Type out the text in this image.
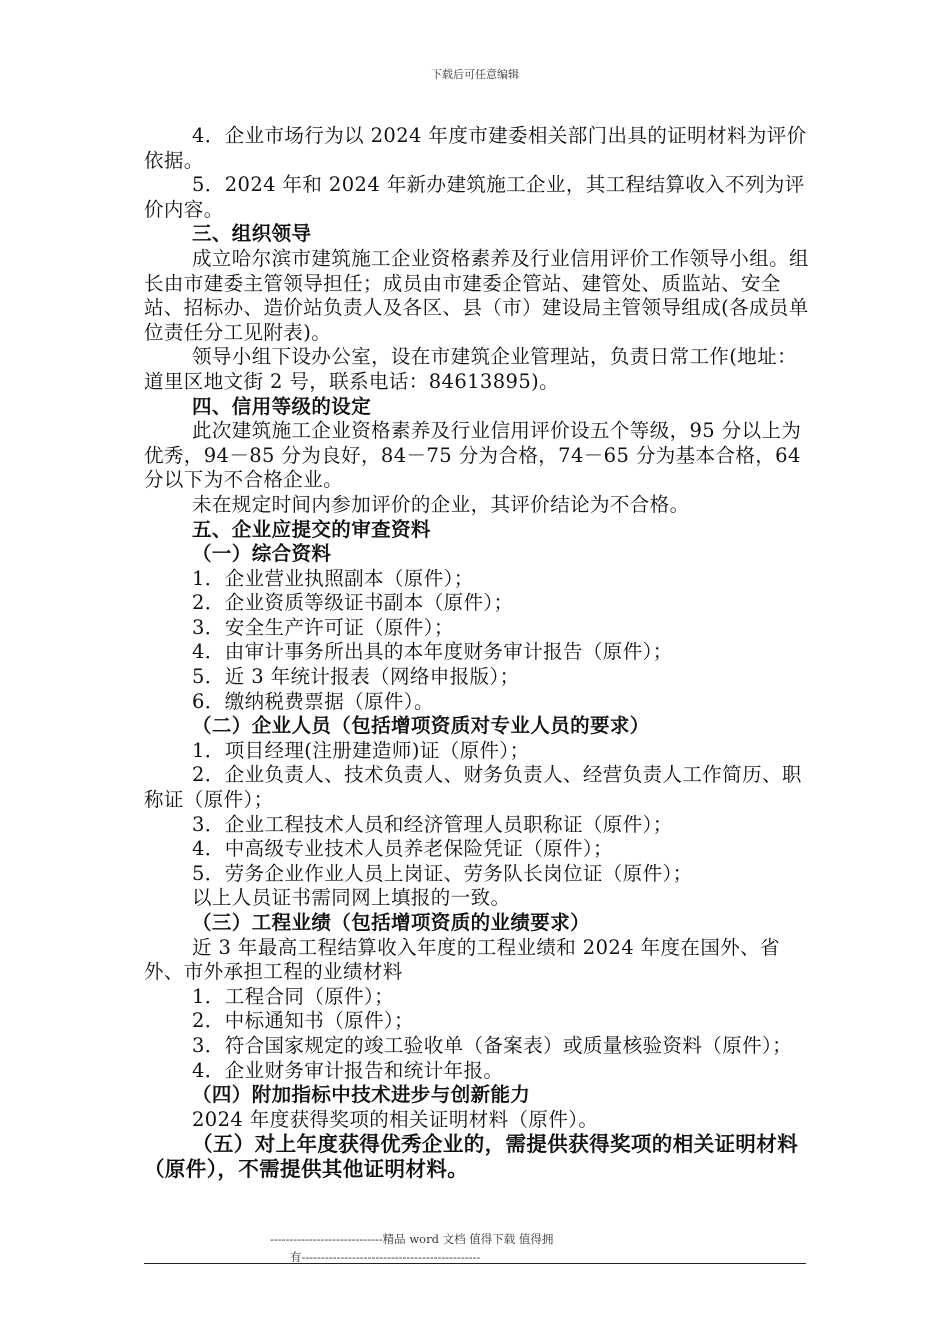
下载后可任意编辑

4．企业市场行为以 2024 年度市建委相关部门出具的证明材料为评价依据。

5．2024 年和 2024 年新办建筑施工企业，其工程结算收入不列为评价内容。

三、组织领导

成立哈尔滨市建筑施工企业资格素养及行业信用评价工作领导小组。组长由市建委主管领导担任；成员由市建委企管站、建管处、质监站、安全站、招标办、造价站负责人及各区、县（市）建设局主管领导组成(各成员单位责任分工见附表)。

领导小组下设办公室，设在市建筑企业管理站，负责日常工作(地址：道里区地文街 2 号，联系电话：84613895)。

四、信用等级的设定

此次建筑施工企业资格素养及行业信用评价设五个等级，95 分以上为优秀，94－85 分为良好，84－75 分为合格，74－65 分为基本合格，64 分以下为不合格企业。

未在规定时间内参加评价的企业，其评价结论为不合格。

五、企业应提交的审查资料

（一）综合资料

1．企业营业执照副本（原件）；

2．企业资质等级证书副本（原件）；

3．安全生产许可证（原件）；

4．由审计事务所出具的本年度财务审计报告（原件）；

5．近 3 年统计报表（网络申报版）；

6．缴纳税费票据（原件）。

（二）企业人员（包括增项资质对专业人员的要求）

1．项目经理(注册建造师)证（原件）；

2．企业负责人、技术负责人、财务负责人、经营负责人工作简历、职称证（原件）；

3．企业工程技术人员和经济管理人员职称证（原件）；

4．中高级专业技术人员养老保险凭证（原件）；

5．劳务企业作业人员上岗证、劳务队长岗位证（原件）；

以上人员证书需同网上填报的一致。

（三）工程业绩（包括增项资质的业绩要求）

近 3 年最高工程结算收入年度的工程业绩和 2024 年度在国外、省外、市外承担工程的业绩材料

1．工程合同（原件）；

2．中标通知书（原件）；

3．符合国家规定的竣工验收单（备案表）或质量核验资料（原件）；

4．企业财务审计报告和统计年报。

（四）附加指标中技术进步与创新能力

2024 年度获得奖项的相关证明材料（原件）。

（五）对上年度获得优秀企业的，需提供获得奖项的相关证明材料（原件），不需提供其他证明材料。

-----------------------------精品 word 文档 值得下载 值得拥
有----------------------------------------------
